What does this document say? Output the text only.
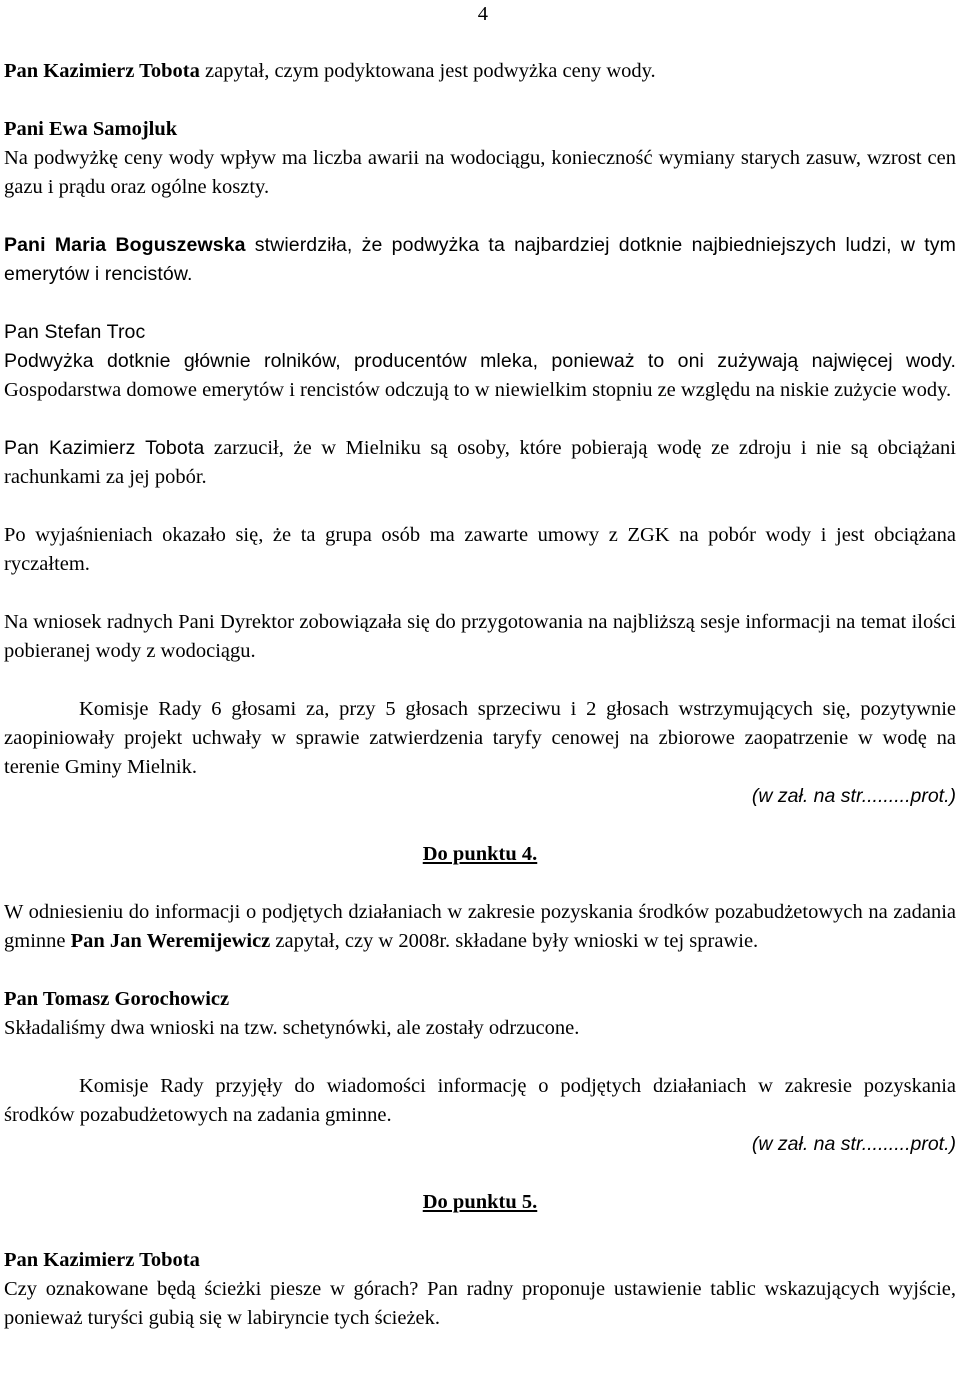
4

Pan Kazimierz Tobota zapytał, czym podyktowana jest podwyżka ceny wody.

Pani Ewa Samojluk

Na podwyżkę ceny wody wpływ ma liczba awarii na wodociągu, konieczność wymiany starych zasuw, wzrost cen gazu i prądu oraz ogólne koszty.

Pani Maria Boguszewska stwierdziła, że podwyżka ta najbardziej dotknie najbiedniejszych ludzi, w tym emerytów i rencistów.

Pan Stefan Troc

Podwyżka dotknie głównie rolników, producentów mleka, ponieważ to oni zużywają najwięcej wody. Gospodarstwa domowe emerytów i rencistów odczują to w niewielkim stopniu ze względu na niskie zużycie wody.

Pan Kazimierz Tobota zarzucił, że w Mielniku są osoby, które pobierają wodę ze zdroju i nie są obciążani rachunkami za jej pobór.

Po wyjaśnieniach okazało się, że ta grupa osób ma zawarte umowy z ZGK na pobór wody i jest obciążana ryczałtem.

Na wniosek radnych Pani Dyrektor zobowiązała się do przygotowania na najbliższą sesje informacji na temat ilości pobieranej wody z wodociągu.

Komisje Rady 6 głosami za, przy 5 głosach sprzeciwu i 2 głosach wstrzymujących się, pozytywnie zaopiniowały projekt uchwały w sprawie zatwierdzenia taryfy cenowej na zbiorowe zaopatrzenie w wodę na terenie Gminy Mielnik.

(w zał. na str.........prot.)

Do punktu 4.

W odniesieniu do informacji o podjętych działaniach w zakresie pozyskania środków pozabudżetowych na zadania gminne Pan Jan Weremijewicz zapytał, czy w 2008r. składane były wnioski w tej sprawie.

Pan Tomasz Gorochowicz

Składaliśmy dwa wnioski na tzw. schetynówki, ale zostały odrzucone.

Komisje Rady przyjęły do wiadomości informację o podjętych działaniach w zakresie pozyskania środków pozabudżetowych na zadania gminne.

(w zał. na str.........prot.)

Do punktu 5.

Pan Kazimierz Tobota

Czy oznakowane będą ścieżki piesze w górach? Pan radny proponuje ustawienie tablic wskazujących wyjście, ponieważ turyści gubią się w labiryncie tych ścieżek.
